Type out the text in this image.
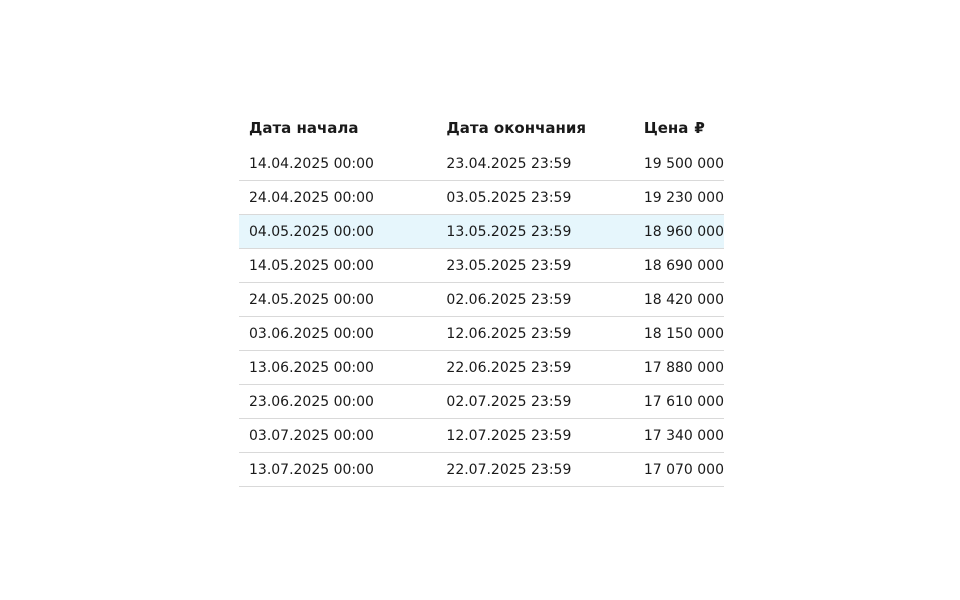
Дата начала	Дата окончания	Цена ₽
14.04.2025 00:00	23.04.2025 23:59	19 500 000
24.04.2025 00:00	03.05.2025 23:59	19 230 000
04.05.2025 00:00	13.05.2025 23:59	18 960 000
14.05.2025 00:00	23.05.2025 23:59	18 690 000
24.05.2025 00:00	02.06.2025 23:59	18 420 000
03.06.2025 00:00	12.06.2025 23:59	18 150 000
13.06.2025 00:00	22.06.2025 23:59	17 880 000
23.06.2025 00:00	02.07.2025 23:59	17 610 000
03.07.2025 00:00	12.07.2025 23:59	17 340 000
13.07.2025 00:00	22.07.2025 23:59	17 070 000
